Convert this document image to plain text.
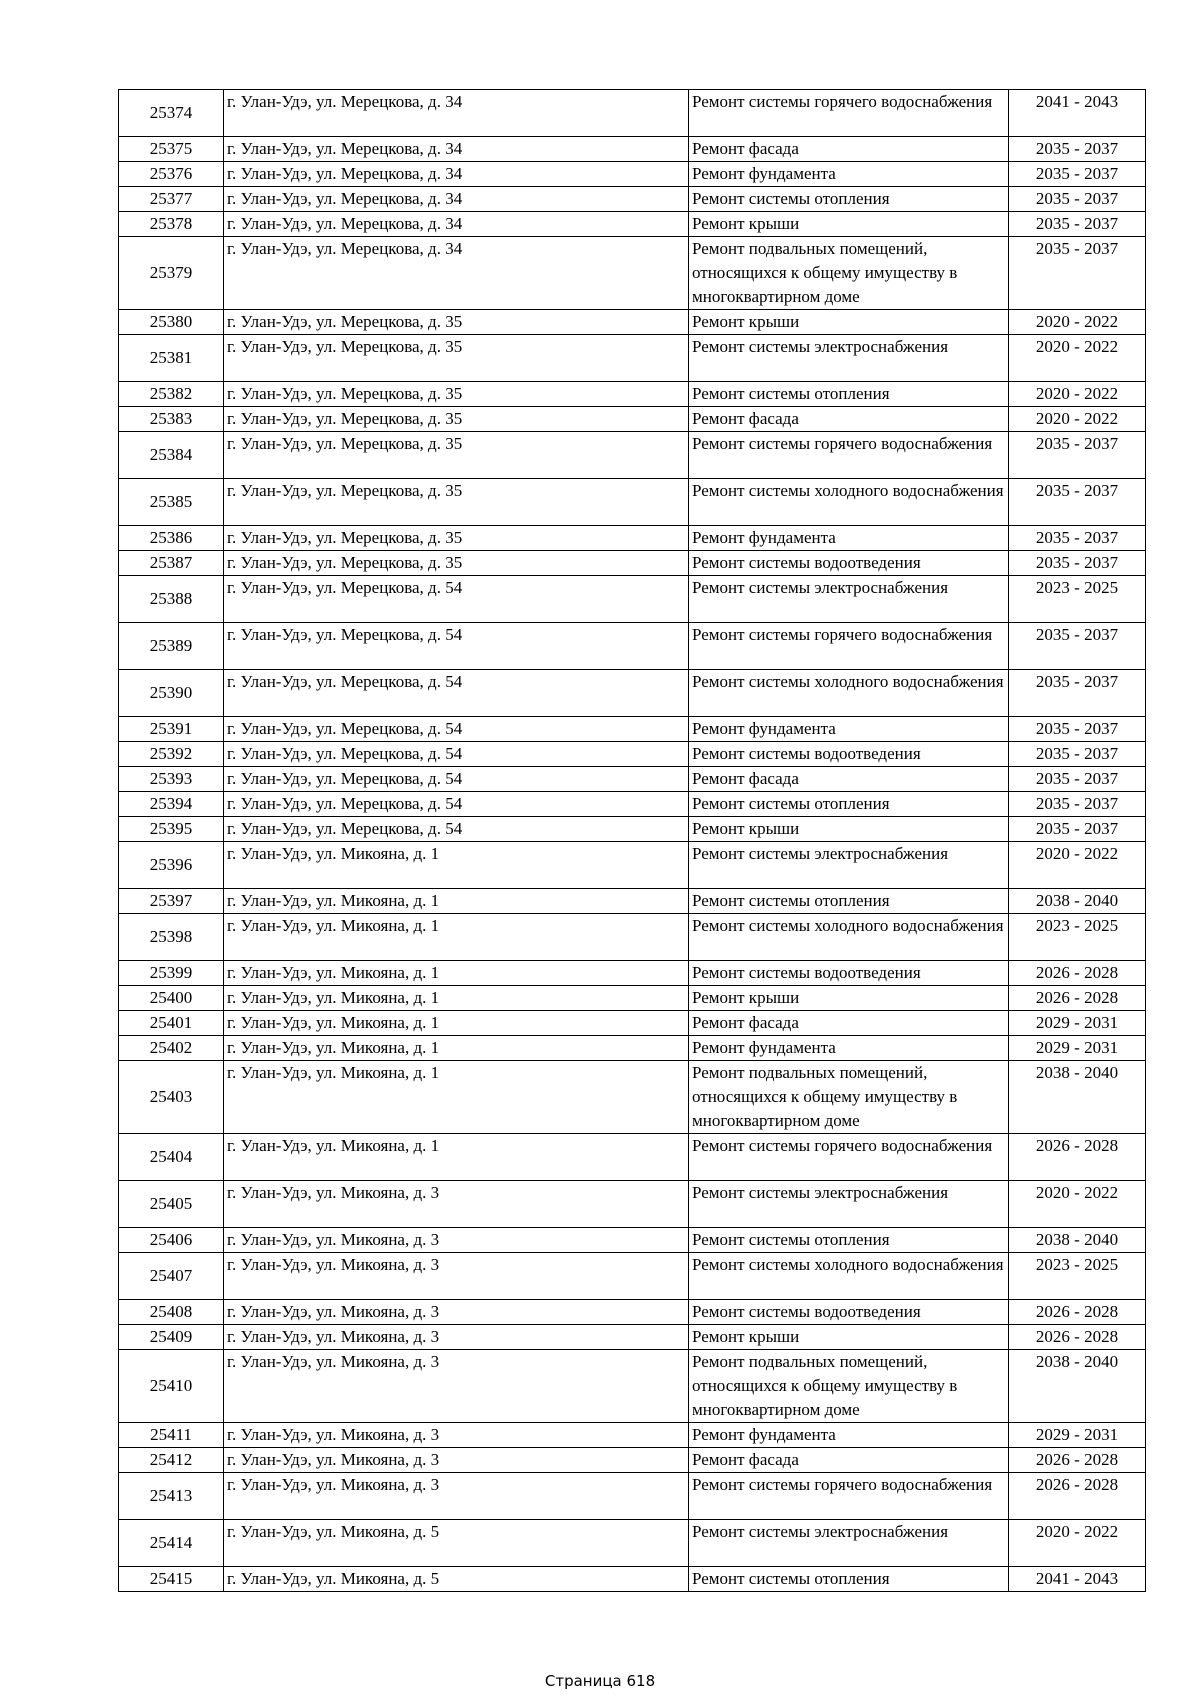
25374	г. Улан-Удэ, ул. Мерецкова, д. 34	Ремонт системы горячего водоснабжения	2041 - 2043
25375	г. Улан-Удэ, ул. Мерецкова, д. 34	Ремонт фасада	2035 - 2037
25376	г. Улан-Удэ, ул. Мерецкова, д. 34	Ремонт фундамента	2035 - 2037
25377	г. Улан-Удэ, ул. Мерецкова, д. 34	Ремонт системы отопления	2035 - 2037
25378	г. Улан-Удэ, ул. Мерецкова, д. 34	Ремонт крыши	2035 - 2037
25379	г. Улан-Удэ, ул. Мерецкова, д. 34	Ремонт подвальных помещений, относящихся к общему имуществу в многоквартирном доме	2035 - 2037
25380	г. Улан-Удэ, ул. Мерецкова, д. 35	Ремонт крыши	2020 - 2022
25381	г. Улан-Удэ, ул. Мерецкова, д. 35	Ремонт системы электроснабжения	2020 - 2022
25382	г. Улан-Удэ, ул. Мерецкова, д. 35	Ремонт системы отопления	2020 - 2022
25383	г. Улан-Удэ, ул. Мерецкова, д. 35	Ремонт фасада	2020 - 2022
25384	г. Улан-Удэ, ул. Мерецкова, д. 35	Ремонт системы горячего водоснабжения	2035 - 2037
25385	г. Улан-Удэ, ул. Мерецкова, д. 35	Ремонт системы холодного водоснабжения	2035 - 2037
25386	г. Улан-Удэ, ул. Мерецкова, д. 35	Ремонт фундамента	2035 - 2037
25387	г. Улан-Удэ, ул. Мерецкова, д. 35	Ремонт системы водоотведения	2035 - 2037
25388	г. Улан-Удэ, ул. Мерецкова, д. 54	Ремонт системы электроснабжения	2023 - 2025
25389	г. Улан-Удэ, ул. Мерецкова, д. 54	Ремонт системы горячего водоснабжения	2035 - 2037
25390	г. Улан-Удэ, ул. Мерецкова, д. 54	Ремонт системы холодного водоснабжения	2035 - 2037
25391	г. Улан-Удэ, ул. Мерецкова, д. 54	Ремонт фундамента	2035 - 2037
25392	г. Улан-Удэ, ул. Мерецкова, д. 54	Ремонт системы водоотведения	2035 - 2037
25393	г. Улан-Удэ, ул. Мерецкова, д. 54	Ремонт фасада	2035 - 2037
25394	г. Улан-Удэ, ул. Мерецкова, д. 54	Ремонт системы отопления	2035 - 2037
25395	г. Улан-Удэ, ул. Мерецкова, д. 54	Ремонт крыши	2035 - 2037
25396	г. Улан-Удэ, ул. Микояна, д. 1	Ремонт системы электроснабжения	2020 - 2022
25397	г. Улан-Удэ, ул. Микояна, д. 1	Ремонт системы отопления	2038 - 2040
25398	г. Улан-Удэ, ул. Микояна, д. 1	Ремонт системы холодного водоснабжения	2023 - 2025
25399	г. Улан-Удэ, ул. Микояна, д. 1	Ремонт системы водоотведения	2026 - 2028
25400	г. Улан-Удэ, ул. Микояна, д. 1	Ремонт крыши	2026 - 2028
25401	г. Улан-Удэ, ул. Микояна, д. 1	Ремонт фасада	2029 - 2031
25402	г. Улан-Удэ, ул. Микояна, д. 1	Ремонт фундамента	2029 - 2031
25403	г. Улан-Удэ, ул. Микояна, д. 1	Ремонт подвальных помещений, относящихся к общему имуществу в многоквартирном доме	2038 - 2040
25404	г. Улан-Удэ, ул. Микояна, д. 1	Ремонт системы горячего водоснабжения	2026 - 2028
25405	г. Улан-Удэ, ул. Микояна, д. 3	Ремонт системы электроснабжения	2020 - 2022
25406	г. Улан-Удэ, ул. Микояна, д. 3	Ремонт системы отопления	2038 - 2040
25407	г. Улан-Удэ, ул. Микояна, д. 3	Ремонт системы холодного водоснабжения	2023 - 2025
25408	г. Улан-Удэ, ул. Микояна, д. 3	Ремонт системы водоотведения	2026 - 2028
25409	г. Улан-Удэ, ул. Микояна, д. 3	Ремонт крыши	2026 - 2028
25410	г. Улан-Удэ, ул. Микояна, д. 3	Ремонт подвальных помещений, относящихся к общему имуществу в многоквартирном доме	2038 - 2040
25411	г. Улан-Удэ, ул. Микояна, д. 3	Ремонт фундамента	2029 - 2031
25412	г. Улан-Удэ, ул. Микояна, д. 3	Ремонт фасада	2026 - 2028
25413	г. Улан-Удэ, ул. Микояна, д. 3	Ремонт системы горячего водоснабжения	2026 - 2028
25414	г. Улан-Удэ, ул. Микояна, д. 5	Ремонт системы электроснабжения	2020 - 2022
25415	г. Улан-Удэ, ул. Микояна, д. 5	Ремонт системы отопления	2041 - 2043
Страница 618
